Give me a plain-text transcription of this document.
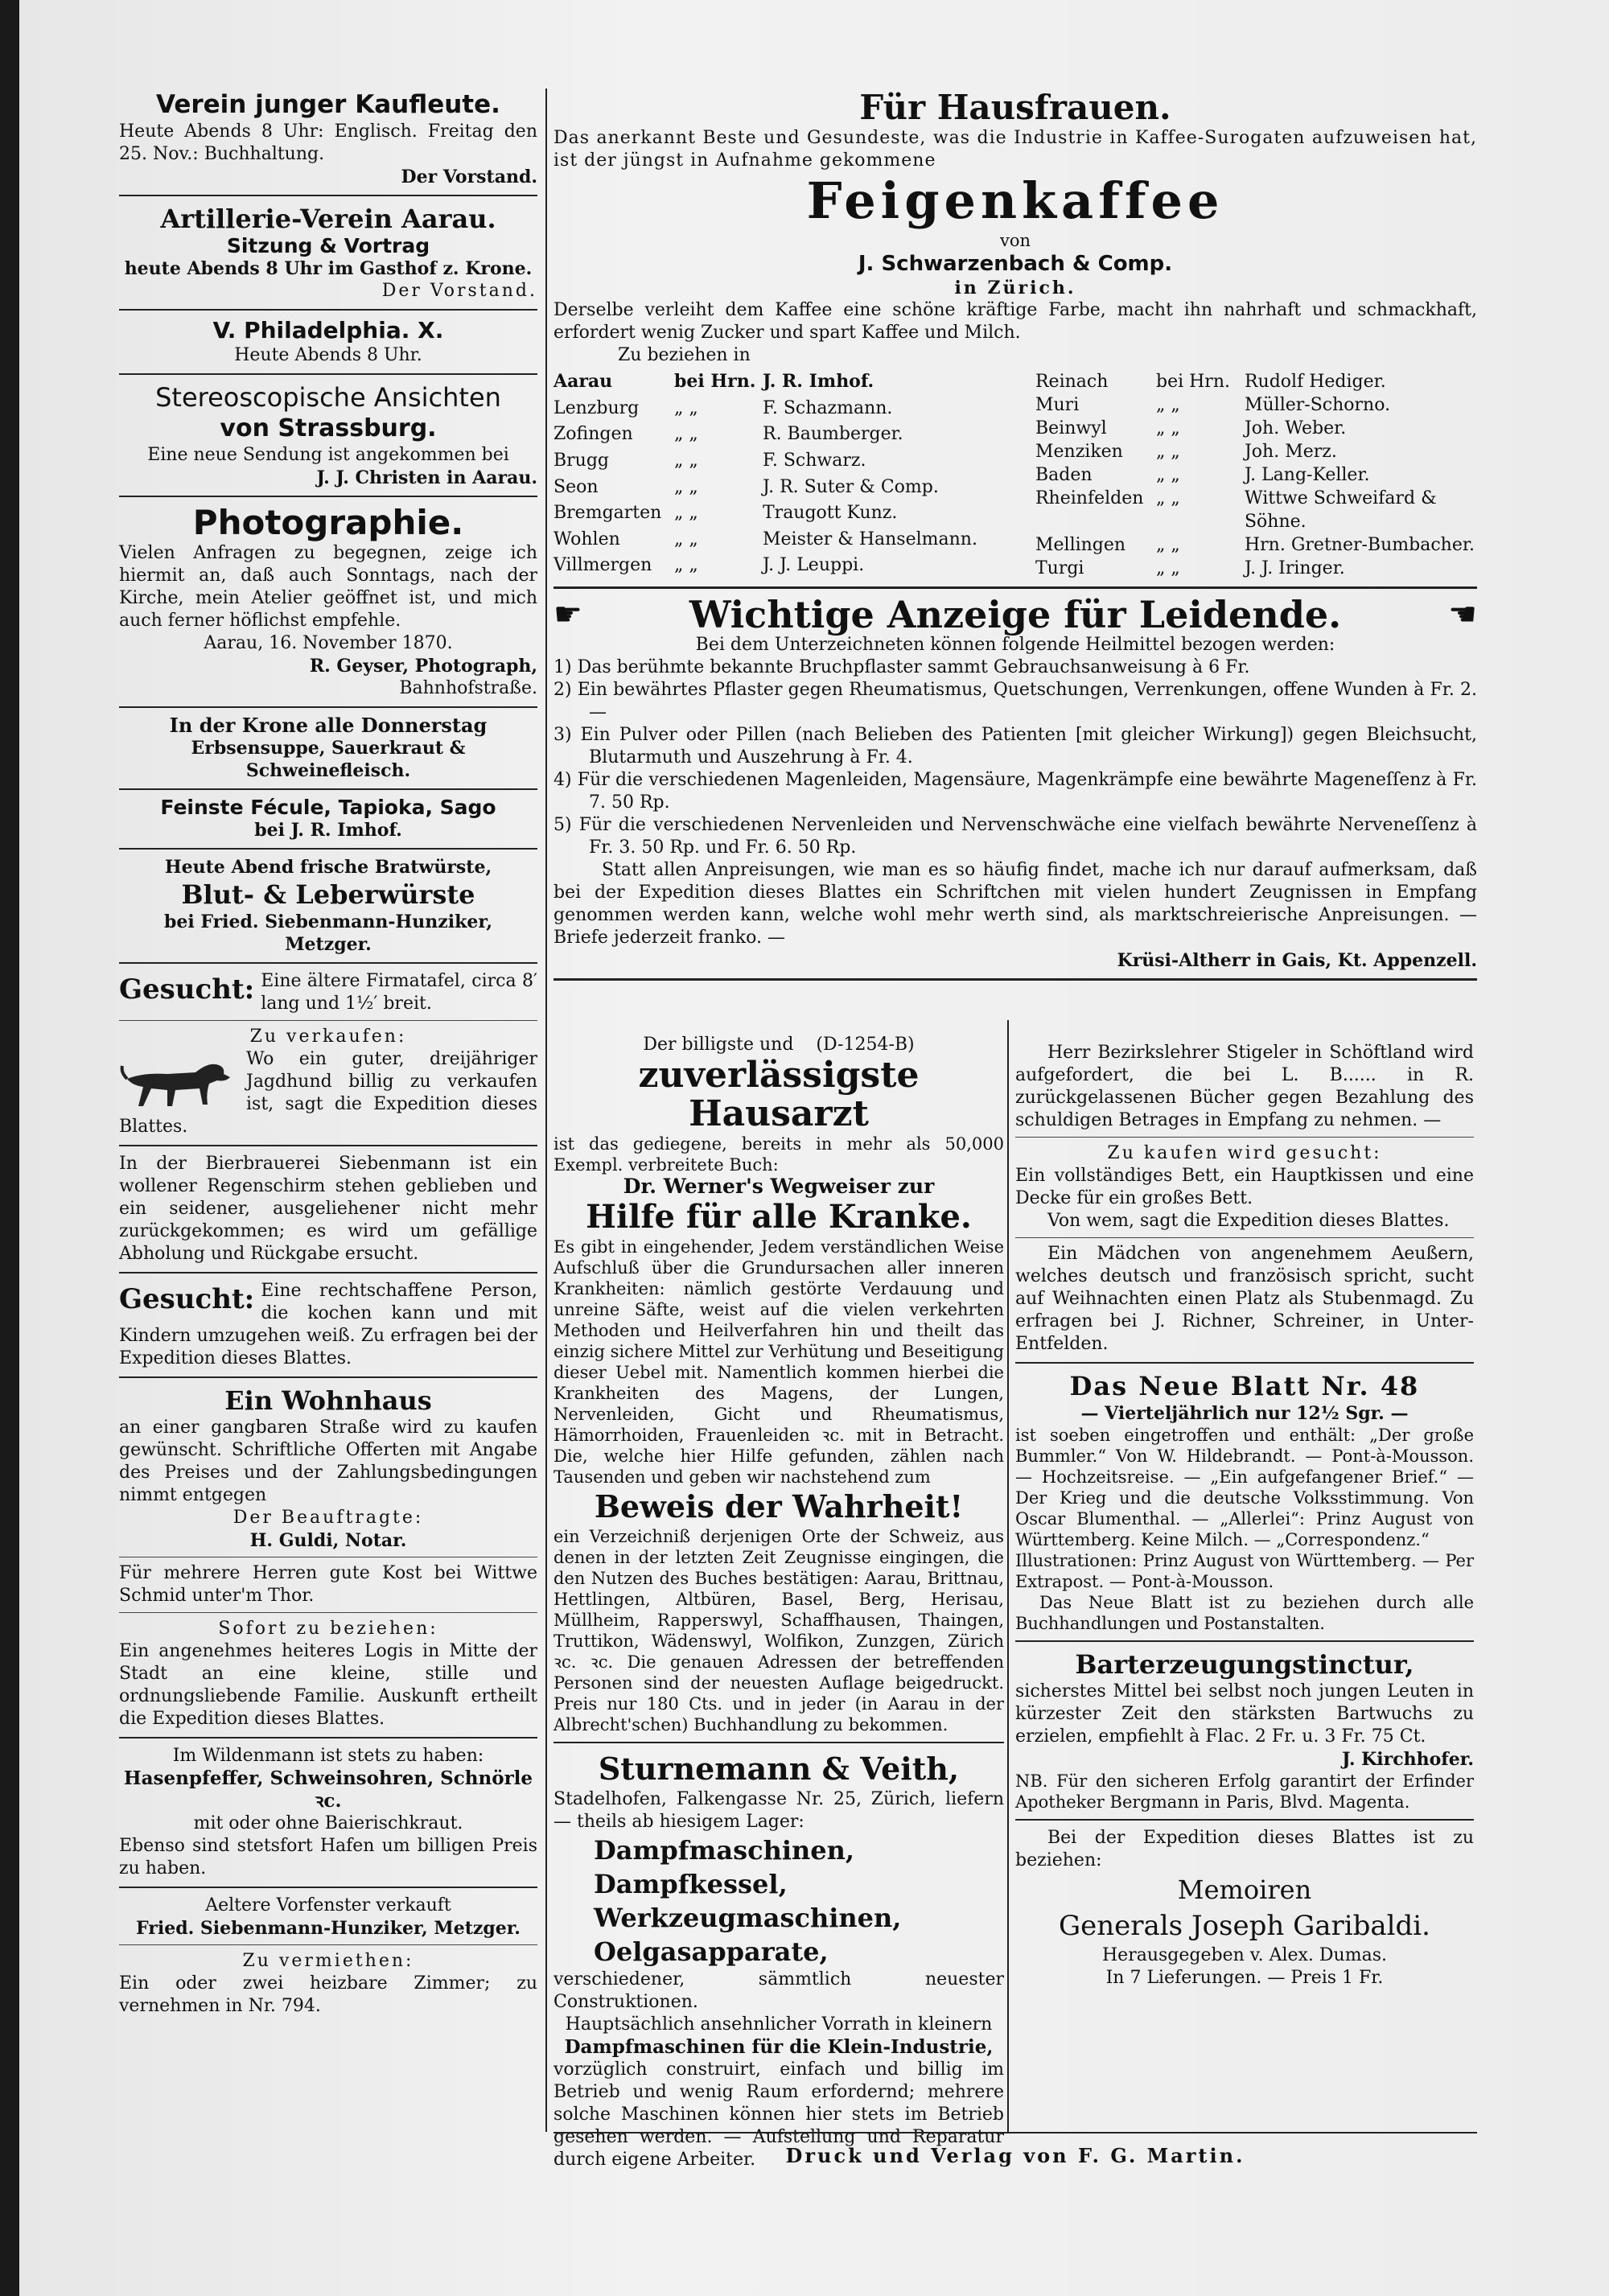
Verein junger Kaufleute.

Heute Abends 8 Uhr: Englisch. Freitag den 25. Nov.: Buchhaltung.

Der Vorstand.

Artillerie-Verein Aarau.

Sitzung & Vortrag

heute Abends 8 Uhr im Gasthof z. Krone.

Der Vorstand.

V. Philadelphia. X.

Heute Abends 8 Uhr.

Stereoscopische Ansichten

von Strassburg.

Eine neue Sendung ist angekommen bei

J. J. Christen in Aarau.

Photographie.

Vielen Anfragen zu begegnen, zeige ich hiermit an, daß auch Sonntags, nach der Kirche, mein Atelier geöffnet ist, und mich auch ferner höflichst empfehle.

Aarau, 16. November 1870.

R. Geyser, Photograph,

Bahnhofstraße.

In der Krone alle Donnerstag

Erbsensuppe, Sauerkraut & Schweinefleisch.

Feinste Fécule, Tapioka, Sago

bei J. R. Imhof.

Heute Abend frische Bratwürste,

Blut- & Leberwürste

bei Fried. Siebenmann-Hunziker, Metzger.

Gesucht: Eine ältere Firmatafel, circa 8′ lang und 1½′ breit.

Zu verkaufen:

Wo ein guter, dreijähriger Jagdhund billig zu verkaufen ist, sagt die Expedition dieses Blattes.

In der Bierbrauerei Siebenmann ist ein wollener Regenschirm stehen geblieben und ein seidener, ausgeliehener nicht mehr zurückgekommen; es wird um gefällige Abholung und Rückgabe ersucht.

Gesucht: Eine rechtschaffene Person, die kochen kann und mit Kindern umzugehen weiß. Zu erfragen bei der Expedition dieses Blattes.

Ein Wohnhaus

an einer gangbaren Straße wird zu kaufen gewünscht. Schriftliche Offerten mit Angabe des Preises und der Zahlungsbedingungen nimmt entgegen

Der Beauftragte:

H. Guldi, Notar.

Für mehrere Herren gute Kost bei Wittwe Schmid unter'm Thor.

Sofort zu beziehen:

Ein angenehmes heiteres Logis in Mitte der Stadt an eine kleine, stille und ordnungsliebende Familie. Auskunft ertheilt die Expedition dieses Blattes.

Im Wildenmann ist stets zu haben:

Hasenpfeffer, Schweinsohren, Schnörle ꝛc.

mit oder ohne Baierischkraut.

Ebenso sind stetsfort Hafen um billigen Preis zu haben.

Aeltere Vorfenster verkauft

Fried. Siebenmann-Hunziker, Metzger.

Zu vermiethen:

Ein oder zwei heizbare Zimmer; zu vernehmen in Nr. 794.

Für Hausfrauen.

Das anerkannt Beste und Gesundeste, was die Industrie in Kaffee-Surogaten aufzuweisen hat, ist der jüngst in Aufnahme gekommene

Feigenkaffee

von

J. Schwarzenbach & Comp.

in Zürich.

Derselbe verleiht dem Kaffee eine schöne kräftige Farbe, macht ihn nahrhaft und schmackhaft, erfordert wenig Zucker und spart Kaffee und Milch.

Zu beziehen in

Aarau	bei Hrn.	J. R. Imhof.
Lenzburg	„ „	F. Schazmann.
Zofingen	„ „	R. Baumberger.
Brugg	„ „	F. Schwarz.
Seon	„ „	J. R. Suter & Comp.
Bremgarten	„ „	Traugott Kunz.
Wohlen	„ „	Meister & Hanselmann.
Villmergen	„ „	J. J. Leuppi.
Reinach	bei Hrn.	Rudolf Hediger.
Muri	„ „	Müller-Schorno.
Beinwyl	„ „	Joh. Weber.
Menziken	„ „	Joh. Merz.
Baden	„ „	J. Lang-Keller.
Rheinfelden	„ „	Wittwe Schweifard & Söhne.
Mellingen	„ „	Hrn. Gretner-Bumbacher.
Turgi	„ „	J. J. Iringer.
☛	Wichtige Anzeige für Leidende.	☚

Bei dem Unterzeichneten können folgende Heilmittel bezogen werden:

1) Das berühmte bekannte Bruchpflaster sammt Gebrauchsanweisung à 6 Fr.

2) Ein bewährtes Pflaster gegen Rheumatismus, Quetschungen, Verrenkungen, offene Wunden à Fr. 2. —

3) Ein Pulver oder Pillen (nach Belieben des Patienten [mit gleicher Wirkung]) gegen Bleichsucht, Blutarmuth und Auszehrung à Fr. 4.

4) Für die verschiedenen Magenleiden, Magensäure, Magenkrämpfe eine bewährte Mageneſſenz à Fr. 7. 50 Rp.

5) Für die verschiedenen Nervenleiden und Nervenschwäche eine vielfach bewährte Nerveneſſenz à Fr. 3. 50 Rp. und Fr. 6. 50 Rp.

Statt allen Anpreisungen, wie man es so häufig findet, mache ich nur darauf aufmerksam, daß bei der Expedition dieses Blattes ein Schriftchen mit vielen hundert Zeugnissen in Empfang genommen werden kann, welche wohl mehr werth sind, als marktschreierische Anpreisungen. — Briefe jederzeit franko. —

Krüsi-Altherr in Gais, Kt. Appenzell.

Der billigste und (D-1254-B)

zuverlässigste Hausarzt

ist das gediegene, bereits in mehr als 50,000 Exempl. verbreitete Buch:

Dr. Werner's Wegweiser zur

Hilfe für alle Kranke.

Es gibt in eingehender, Jedem verständlichen Weise Aufschluß über die Grundursachen aller inneren Krankheiten: nämlich gestörte Verdauung und unreine Säfte, weist auf die vielen verkehrten Methoden und Heilverfahren hin und theilt das einzig sichere Mittel zur Verhütung und Beseitigung dieser Uebel mit. Namentlich kommen hierbei die Krankheiten des Magens, der Lungen, Nervenleiden, Gicht und Rheumatismus, Hämorrhoiden, Frauenleiden ꝛc. mit in Betracht. Die, welche hier Hilfe gefunden, zählen nach Tausenden und geben wir nachstehend zum

Beweis der Wahrheit!

ein Verzeichniß derjenigen Orte der Schweiz, aus denen in der letzten Zeit Zeugnisse eingingen, die den Nutzen des Buches bestätigen: Aarau, Brittnau, Hettlingen, Altbüren, Basel, Berg, Herisau, Müllheim, Rapperswyl, Schaffhausen, Thaingen, Truttikon, Wädenswyl, Wolfikon, Zunzgen, Zürich ꝛc. ꝛc. Die genauen Adressen der betreffenden Personen sind der neuesten Auflage beigedruckt. Preis nur 180 Cts. und in jeder (in Aarau in der Albrecht'schen) Buchhandlung zu bekommen.

Sturnemann & Veith,

Stadelhofen, Falkengasse Nr. 25, Zürich, liefern — theils ab hiesigem Lager:

Dampfmaschinen,

Dampfkessel,

Werkzeugmaschinen,

Oelgasapparate,

verschiedener, sämmtlich neuester Construktionen.

Hauptsächlich ansehnlicher Vorrath in kleinern

Dampfmaschinen für die Klein-Industrie,

vorzüglich construirt, einfach und billig im Betrieb und wenig Raum erfordernd; mehrere solche Maschinen können hier stets im Betrieb gesehen werden. — Aufstellung und Reparatur durch eigene Arbeiter.

Herr Bezirkslehrer Stigeler in Schöftland wird aufgefordert, die bei L. B...... in R. zurückgelassenen Bücher gegen Bezahlung des schuldigen Betrages in Empfang zu nehmen. —

Zu kaufen wird gesucht:

Ein vollständiges Bett, ein Hauptkissen und eine Decke für ein großes Bett.

Von wem, sagt die Expedition dieses Blattes.

Ein Mädchen von angenehmem Aeußern, welches deutsch und französisch spricht, sucht auf Weihnachten einen Platz als Stubenmagd. Zu erfragen bei J. Richner, Schreiner, in Unter-Entfelden.

Das Neue Blatt Nr. 48

— Vierteljährlich nur 12½ Sgr. —

ist soeben eingetroffen und enthält: „Der große Bummler.“ Von W. Hildebrandt. — Pont-à-Mousson. — Hochzeitsreise. — „Ein aufgefangener Brief.“ — Der Krieg und die deutsche Volksstimmung. Von Oscar Blumenthal. — „Allerlei“: Prinz August von Württemberg. Keine Milch. — „Correspondenz.“

Illustrationen: Prinz August von Württemberg. — Per Extrapost. — Pont-à-Mousson.

Das Neue Blatt ist zu beziehen durch alle Buchhandlungen und Postanstalten.

Barterzeugungstinctur,

sicherstes Mittel bei selbst noch jungen Leuten in kürzester Zeit den stärksten Bartwuchs zu erzielen, empfiehlt à Flac. 2 Fr. u. 3 Fr. 75 Ct.

J. Kirchhofer.

NB. Für den sicheren Erfolg garantirt der Erfinder Apotheker Bergmann in Paris, Blvd. Magenta.

Bei der Expedition dieses Blattes ist zu beziehen:

Memoiren

Generals Joseph Garibaldi.

Herausgegeben v. Alex. Dumas.

In 7 Lieferungen. — Preis 1 Fr.

Druck und Verlag von F. G. Martin.
